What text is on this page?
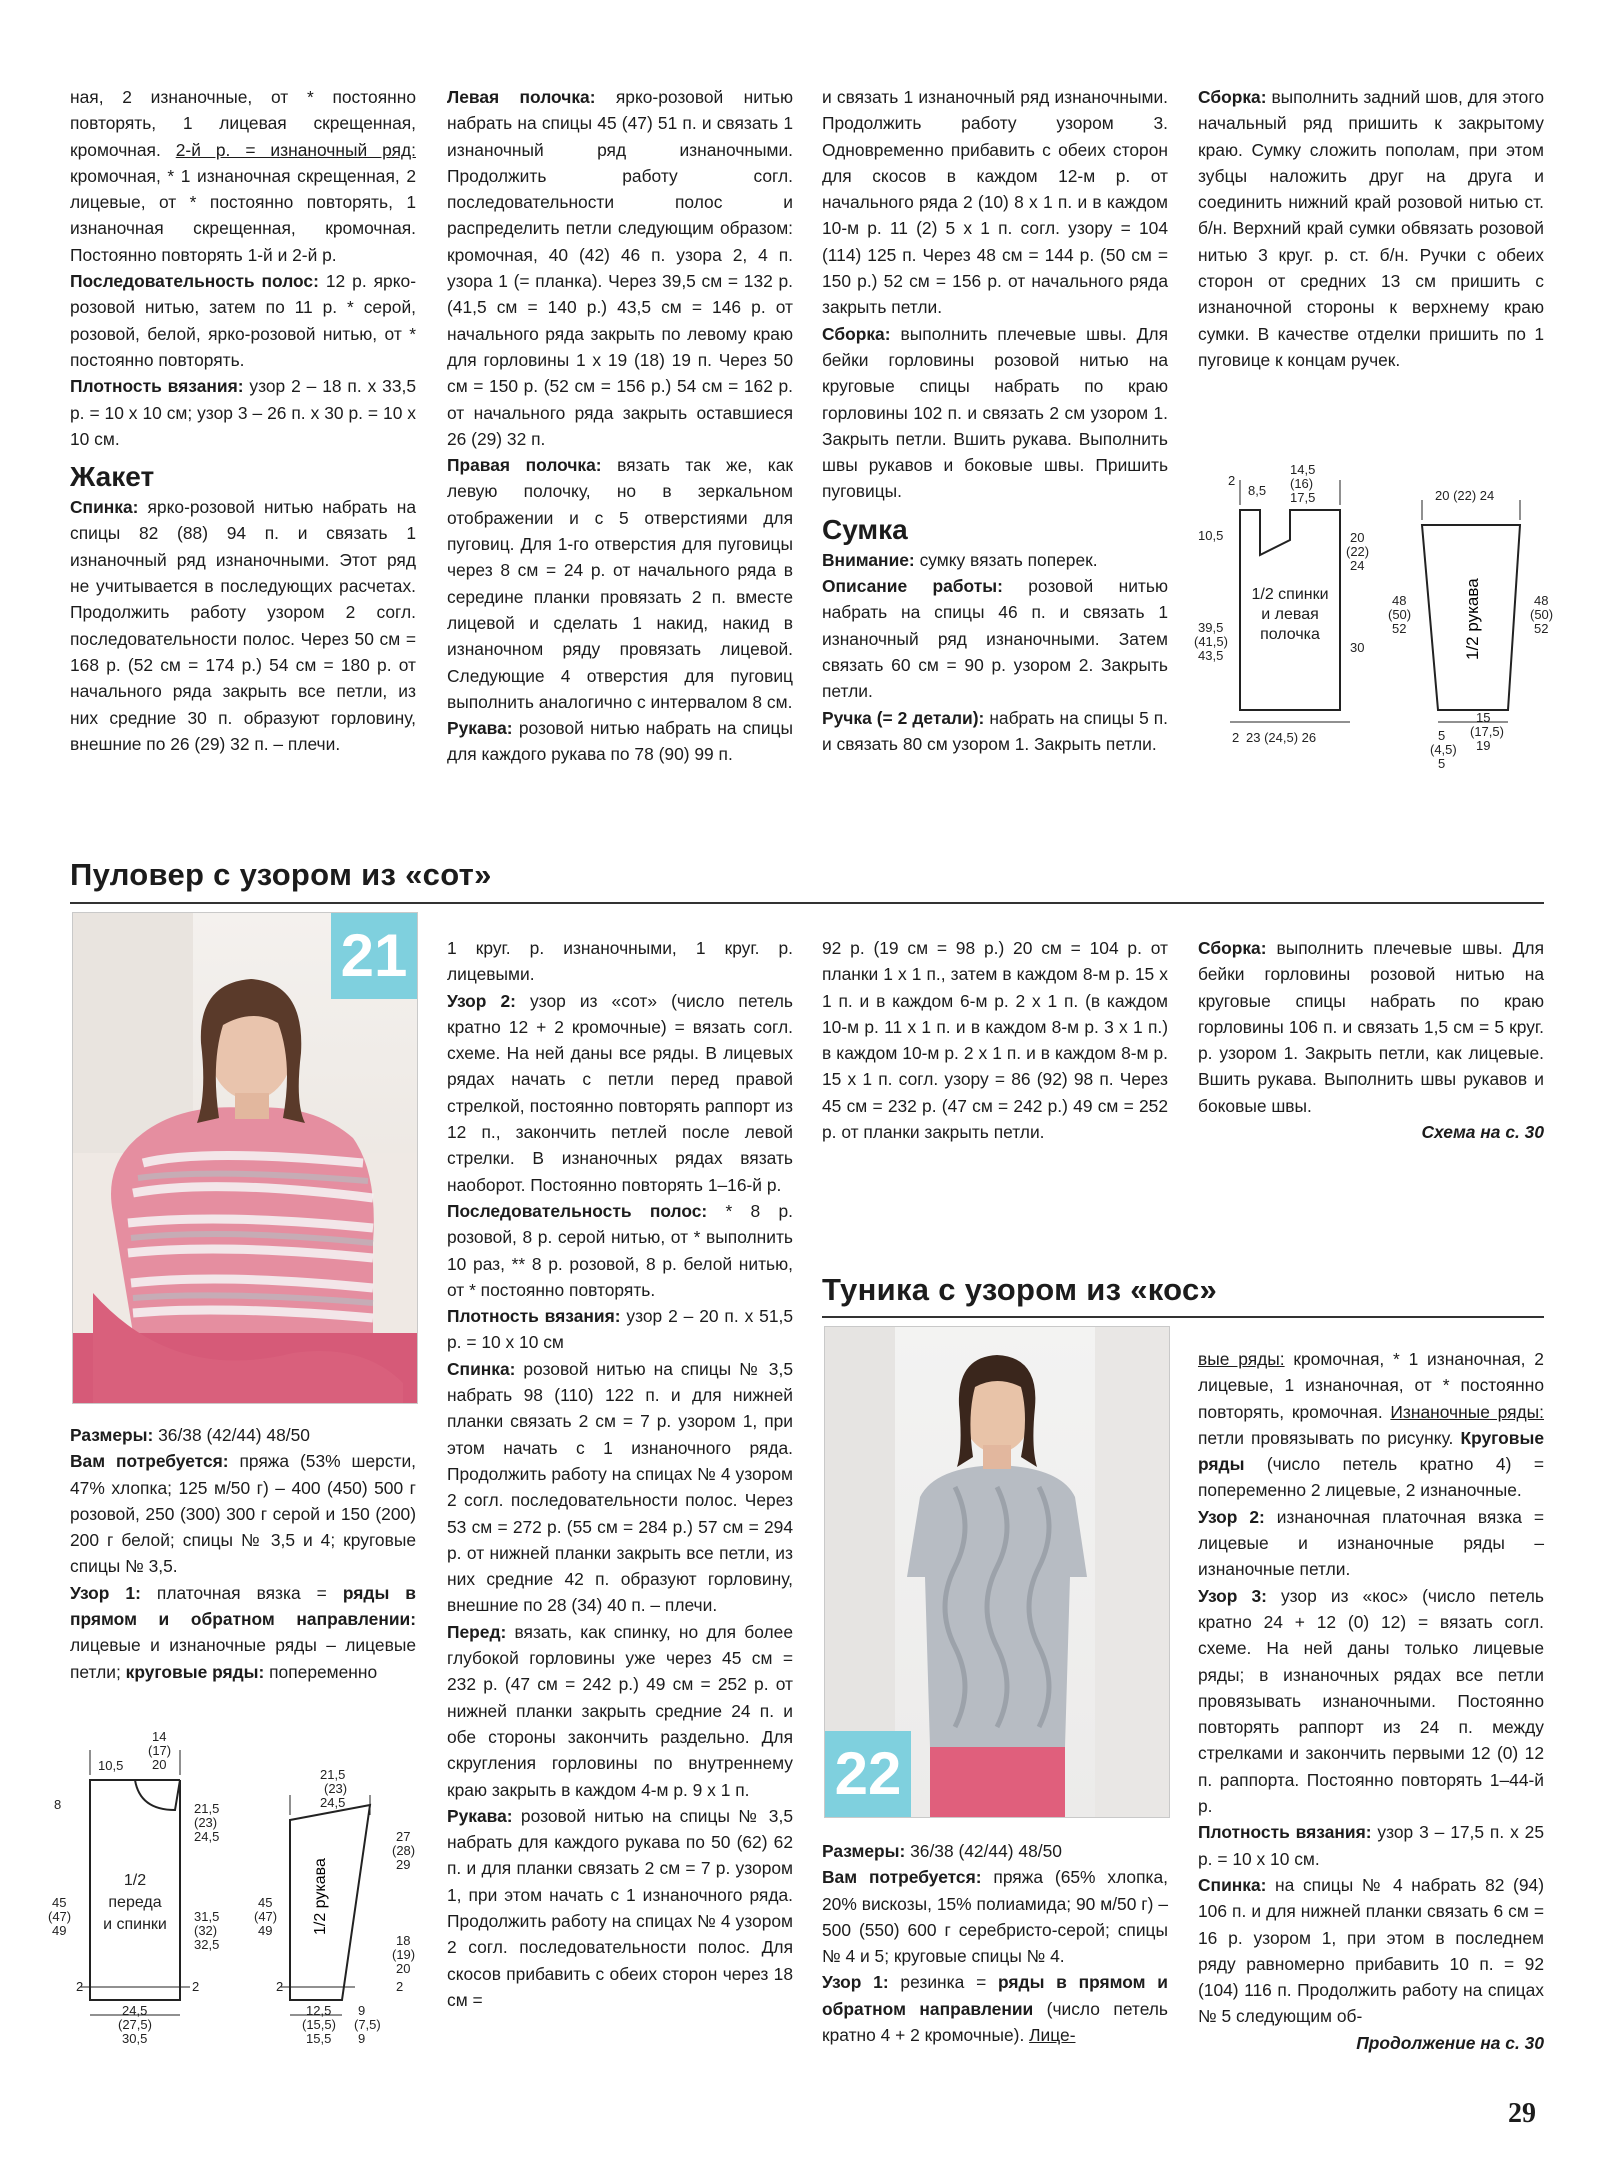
ная, 2 изнаночные, от * постоянно повторять, 1 лицевая скрещенная, кромочная. 2-й р. = изнаночный ряд: кромочная, * 1 изнаночная скрещенная, 2 лицевые, от * постоянно повторять, 1 изнаночная скрещенная, кромочная. Постоянно повторять 1-й и 2-й р.

Последовательность полос: 12 р. ярко-розовой нитью, затем по 11 р. * серой, розовой, белой, ярко-розовой нитью, от * постоянно повторять.

Плотность вязания: узор 2 – 18 п. х 33,5 р. = 10 х 10 см; узор 3 – 26 п. х 30 р. = 10 х 10 см.

Жакет

Спинка: ярко-розовой нитью набрать на спицы 82 (88) 94 п. и связать 1 изнаночный ряд изнаночными. Этот ряд не учитывается в последующих расчетах. Продолжить работу узором 2 согл. последовательности полос. Через 50 см = 168 р. (52 см = 174 р.) 54 см = 180 р. от начального ряда закрыть все петли, из них средние 30 п. образуют горловину, внешние по 26 (29) 32 п. – плечи.

Левая полочка: ярко-розовой нитью набрать на спицы 45 (47) 51 п. и связать 1 изнаночный ряд изнаночными. Продолжить работу согл. последовательности полос и распределить петли следующим образом: кромочная, 40 (42) 46 п. узора 2, 4 п. узора 1 (= планка). Через 39,5 см = 132 р. (41,5 см = 140 р.) 43,5 см = 146 р. от начального ряда закрыть по левому краю для горловины 1 х 19 (18) 19 п. Через 50 см = 150 р. (52 см = 156 р.) 54 см = 162 р. от начального ряда закрыть оставшиеся 26 (29) 32 п.

Правая полочка: вязать так же, как левую полочку, но в зеркальном отображении и с 5 отверстиями для пуговиц. Для 1-го отверстия для пуговицы через 8 см = 24 р. от начального ряда в середине планки провязать 2 п. вместе лицевой и сделать 1 накид, накид в изнаночном ряду провязать лицевой. Следующие 4 отверстия для пуговиц выполнить аналогично с интервалом 8 см.

Рукава: розовой нитью набрать на спицы для каждого рукава по 78 (90) 99 п.

и связать 1 изнаночный ряд изнаночными. Продолжить работу узором 3. Одновременно прибавить с обеих сторон для скосов в каждом 12-м р. от начального ряда 2 (10) 8 х 1 п. и в каждом 10-м р. 11 (2) 5 х 1 п. согл. узору = 104 (114) 125 п. Через 48 см = 144 р. (50 см = 150 р.) 52 см = 156 р. от начального ряда закрыть петли.

Сборка: выполнить плечевые швы. Для бейки горловины розовой нитью на круговые спицы набрать по краю горловины 102 п. и связать 2 см узором 1. Закрыть петли. Вшить рукава. Выполнить швы рукавов и боковые швы. Пришить пуговицы.

Сумка

Внимание: сумку вязать поперек.

Описание работы: розовой нитью набрать на спицы 46 п. и связать 1 изнаночный ряд изнаночными. Затем связать 60 см = 90 р. узором 2. Закрыть петли.

Ручка (= 2 детали): набрать на спицы 5 п. и связать 80 см узором 1. Закрыть петли.

Сборка: выполнить задний шов, для этого начальный ряд пришить к закрытому краю. Сумку сложить пополам, при этом зубцы наложить друг на друга и соединить нижний край розовой нитью ст. б/н. Верхний край сумки обвязать розовой нитью 3 круг. р. ст. б/н. Ручки с обеих сторон от средних 13 см пришить с изнаночной стороны к верхнему краю сумки. В качестве отделки пришить по 1 пуговице к концам ручек.

2
8,5
14,5
(16)
17,5
10,5	20
(22)
24
39,5
(41,5)
43,5
30
2 23 (24,5) 26
20 (22) 24
48
(50)
52
48
(50)
52
15
(17,5)
19
5
(4,5)
5
1/2 спинки и левая полочка	1/2 рукава
Пуловер с узором из «сот»
21

Размеры: 36/38 (42/44) 48/50

Вам потребуется: пряжа (53% шерсти, 47% хлопка; 125 м/50 г) – 400 (450) 500 г розовой, 250 (300) 300 г серой и 150 (200) 200 г белой; спицы № 3,5 и 4; круговые спицы № 3,5.

Узор 1: платочная вязка = ряды в прямом и обратном направлении: лицевые и изнаночные ряды – лицевые петли; круговые ряды: попеременно

1 круг. р. изнаночными, 1 круг. р. лицевыми.

Узор 2: узор из «сот» (число петель кратно 12 + 2 кромочные) = вязать согл. схеме. На ней даны все ряды. В лицевых рядах начать с петли перед правой стрелкой, постоянно повторять раппорт из 12 п., закончить петлей после левой стрелки. В изнаночных рядах вязать наоборот. Постоянно повторять 1–16-й р.

Последовательность полос: * 8 р. розовой, 8 р. серой нитью, от * выполнить 10 раз, ** 8 р. розовой, 8 р. белой нитью, от * постоянно повторять.

Плотность вязания: узор 2 – 20 п. х 51,5 р. = 10 х 10 см

Спинка: розовой нитью на спицы № 3,5 набрать 98 (110) 122 п. и для нижней планки связать 2 см = 7 р. узором 1, при этом начать с 1 изнаночного ряда. Продолжить работу на спицах № 4 узором 2 согл. последовательности полос. Через 53 см = 272 р. (55 см = 284 р.) 57 см = 294 р. от нижней планки закрыть все петли, из них средние 42 п. образуют горловину, внешние по 28 (34) 40 п. – плечи.

Перед: вязать, как спинку, но для более глубокой горловины уже через 45 см = 232 р. (47 см = 242 р.) 49 см = 252 р. от нижней планки закрыть средние 24 п. и обе стороны закончить раздельно. Для скругления горловины по внутреннему краю закрыть в каждом 4-м р. 9 х 1 п.

Рукава: розовой нитью на спицы № 3,5 набрать для каждого рукава по 50 (62) 62 п. и для планки связать 2 см = 7 р. узором 1, при этом начать с 1 изнаночного ряда. Продолжить работу на спицах № 4 узором 2 согл. последовательности полос. Для скосов прибавить с обеих сторон через 18 см =

92 р. (19 см = 98 р.) 20 см = 104 р. от планки 1 х 1 п., затем в каждом 8-м р. 15 х 1 п. и в каждом 6-м р. 2 х 1 п. (в каждом 10-м р. 11 х 1 п. и в каждом 8-м р. 3 х 1 п.) в каждом 10-м р. 2 х 1 п. и в каждом 8-м р. 15 х 1 п. согл. узору = 86 (92) 98 п. Через 45 см = 232 р. (47 см = 242 р.) 49 см = 252 р. от планки закрыть петли.

Сборка: выполнить плечевые швы. Для бейки горловины розовой нитью на круговые спицы набрать по краю горловины 106 п. и связать 1,5 см = 5 круг. р. узором 1. Закрыть петли, как лицевые. Вшить рукава. Выполнить швы рукавов и боковые швы.

Схема на с. 30

10,5
14
(17)
20
8	21,5
(23)
24,5
45
(47)
49
31,5
(32)
32,5
2	2
24,5
(27,5)
30,5
21,5
(23)
24,5
45
(47)
49
27
(28)
29
18
(19)
20
2	2
12,5
(15,5)
15,5
9
(7,5)
9
1/2
переда
и спинки	1/2 рукава
Туника с узором из «кос»
22

Размеры: 36/38 (42/44) 48/50

Вам потребуется: пряжа (65% хлопка, 20% вискозы, 15% полиамида; 90 м/50 г) – 500 (550) 600 г серебристо-серой; спицы № 4 и 5; круговые спицы № 4.

Узор 1: резинка = ряды в прямом и обратном направлении (число петель кратно 4 + 2 кромочные). Лице-

вые ряды: кромочная, * 1 изнаночная, 2 лицевые, 1 изнаночная, от * постоянно повторять, кромочная. Изнаночные ряды: петли провязывать по рисунку. Круговые ряды (число петель кратно 4) = попеременно 2 лицевые, 2 изнаночные.

Узор 2: изнаночная платочная вязка = лицевые и изнаночные ряды – изнаночные петли.

Узор 3: узор из «кос» (число петель кратно 24 + 12 (0) 12) = вязать согл. схеме. На ней даны только лицевые ряды; в изнаночных рядах все петли провязывать изнаночными. Постоянно повторять раппорт из 24 п. между стрелками и закончить первыми 12 (0) 12 п. раппорта. Постоянно повторять 1–44-й р.

Плотность вязания: узор 3 – 17,5 п. х 25 р. = 10 х 10 см.

Спинка: на спицы № 4 набрать 82 (94) 106 п. и для нижней планки связать 6 см = 16 р. узором 1, при этом в последнем ряду равномерно прибавить 10 п. = 92 (104) 116 п. Продолжить работу на спицах № 5 следующим об-

Продолжение на с. 30

29
